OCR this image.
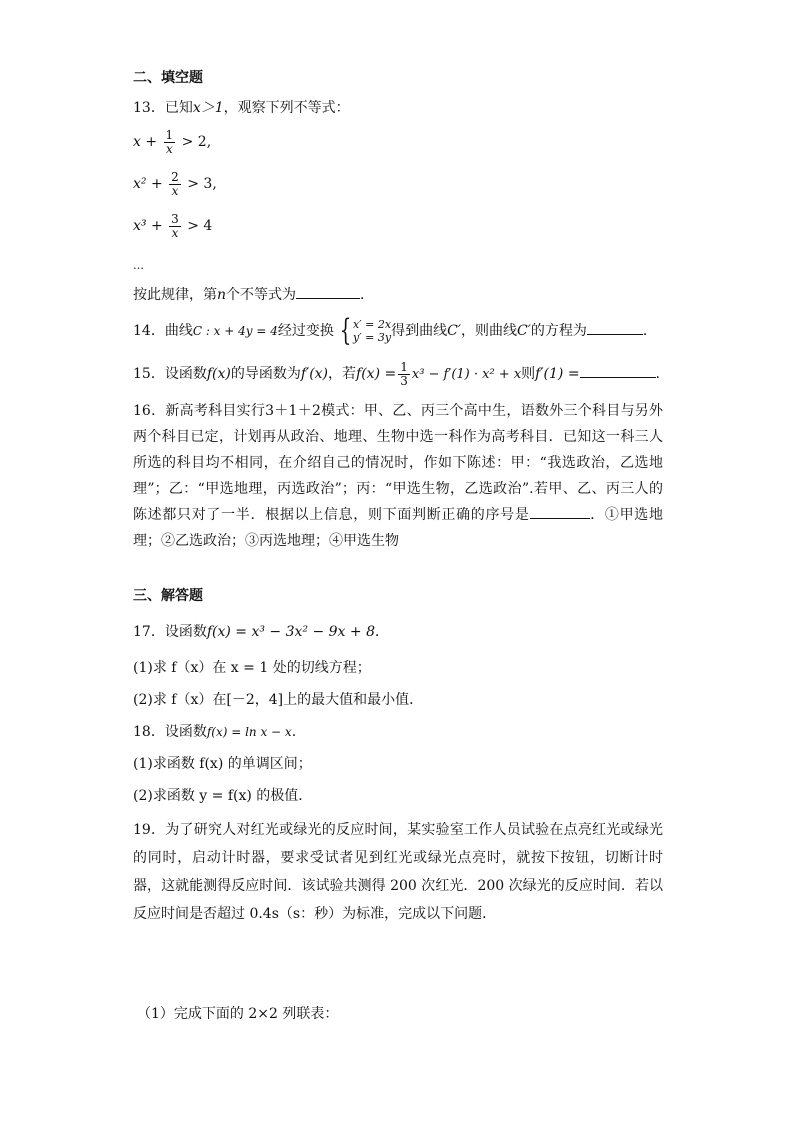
二、填空题
13．已知x＞1，观察下列不等式：
$x + \frac{1}{x} > 2$,
$x^2 + \frac{2}{x} > 3$,
$x^3 + \frac{3}{x} > 4$
…
按此规律，第n个不等式为	．
14．曲线C : x + 4y = 4经过变换 { x′ = 2x
y′ = 3y 得到曲线C′，则曲线C′的方程为	.
15．设函数f(x)的导函数为f′(x)，若$f(x) = \frac{1}{3} x^3 - f'(1) \cdot x^2 + x$则f′(1) =	.
16．新高考科目实行3＋1＋2模式：甲、乙、丙三个高中生，语数外三个科目与另外两个科目已定，计划再从政治、地理、生物中选一科作为高考科目．已知这一科三人所选的科目均不相同，在介绍自己的情况时，作如下陈述：甲：“我选政治，乙选地理”；乙：“甲选地理，丙选政治”；丙：“甲选生物，乙选政治”.若甲、乙、丙三人的陈述都只对了一半．根据以上信息，则下面判断正确的序号是	．①甲选地理；②乙选政治；③丙选地理；④甲选生物
三、解答题
17．设函数f(x) = x³ − 3x² − 9x + 8．
(1)求 f（x）在 x = 1 处的切线方程；
(2)求 f（x）在[－2，4]上的最大值和最小值．
18．设函数f(x) = ln x − x.
(1)求函数 f(x) 的单调区间；
(2)求函数 y = f(x) 的极值．
19．为了研究人对红光或绿光的反应时间，某实验室工作人员试验在点亮红光或绿光的同时，启动计时器，要求受试者见到红光或绿光点亮时，就按下按钮，切断计时器，这就能测得反应时间．该试验共测得 200 次红光．200 次绿光的反应时间．若以反应时间是否超过 0.4s（s：秒）为标准，完成以下问题．
（1）完成下面的 2×2 列联表：
